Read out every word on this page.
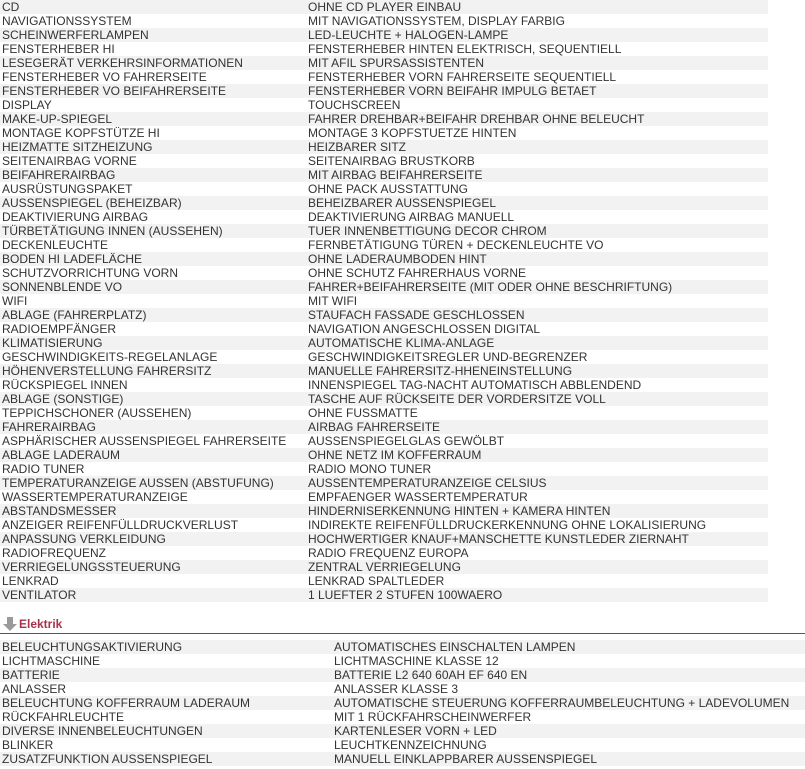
CD	OHNE CD PLAYER EINBAU
NAVIGATIONSSYSTEM	MIT NAVIGATIONSSYSTEM, DISPLAY FARBIG
SCHEINWERFERLAMPEN	LED-LEUCHTE + HALOGEN-LAMPE
FENSTERHEBER HI	FENSTERHEBER HINTEN ELEKTRISCH, SEQUENTIELL
LESEGERÄT VERKEHRSINFORMATIONEN	MIT AFIL SPURSASSISTENTEN
FENSTERHEBER VO FAHRERSEITE	FENSTERHEBER VORN FAHRERSEITE SEQUENTIELL
FENSTERHEBER VO BEIFAHRERSEITE	FENSTERHEBER VORN BEIFAHR IMPULG BETAET
DISPLAY	TOUCHSCREEN
MAKE-UP-SPIEGEL	FAHRER DREHBAR+BEIFAHR DREHBAR OHNE BELEUCHT
MONTAGE KOPFSTÜTZE HI	MONTAGE 3 KOPFSTUETZE HINTEN
HEIZMATTE SITZHEIZUNG	HEIZBARER SITZ
SEITENAIRBAG VORNE	SEITENAIRBAG BRUSTKORB
BEIFAHRERAIRBAG	MIT AIRBAG BEIFAHRERSEITE
AUSRÜSTUNGSPAKET	OHNE PACK AUSSTATTUNG
AUSSENSPIEGEL (BEHEIZBAR)	BEHEIZBARER AUSSENSPIEGEL
DEAKTIVIERUNG AIRBAG	DEAKTIVIERUNG AIRBAG MANUELL
TÜRBETÄTIGUNG INNEN (AUSSEHEN)	TUER INNENBETTIGUNG DECOR CHROM
DECKENLEUCHTE	FERNBETÄTIGUNG TÜREN + DECKENLEUCHTE VO
BODEN HI LADEFLÄCHE	OHNE LADERAUMBODEN HINT
SCHUTZVORRICHTUNG VORN	OHNE SCHUTZ FAHRERHAUS VORNE
SONNENBLENDE VO	FAHRER+BEIFAHRERSEITE (MIT ODER OHNE BESCHRIFTUNG)
WIFI	MIT WIFI
ABLAGE (FAHRERPLATZ)	STAUFACH FASSADE GESCHLOSSEN
RADIOEMPFÄNGER	NAVIGATION ANGESCHLOSSEN DIGITAL
KLIMATISIERUNG	AUTOMATISCHE KLIMA-ANLAGE
GESCHWINDIGKEITS-REGELANLAGE	GESCHWINDIGKEITSREGLER UND-BEGRENZER
HÖHENVERSTELLUNG FAHRERSITZ	MANUELLE FAHRERSITZ-HHENEINSTELLUNG
RÜCKSPIEGEL INNEN	INNENSPIEGEL TAG-NACHT AUTOMATISCH ABBLENDEND
ABLAGE (SONSTIGE)	TASCHE AUF RÜCKSEITE DER VORDERSITZE VOLL
TEPPICHSCHONER (AUSSEHEN)	OHNE FUSSMATTE
FAHRERAIRBAG	AIRBAG FAHRERSEITE
ASPHÄRISCHER AUSSENSPIEGEL FAHRERSEITE	AUSSENSPIEGELGLAS GEWÖLBT
ABLAGE LADERAUM	OHNE NETZ IM KOFFERRAUM
RADIO TUNER	RADIO MONO TUNER
TEMPERATURANZEIGE AUSSEN (ABSTUFUNG)	AUSSENTEMPERATURANZEIGE CELSIUS
WASSERTEMPERATURANZEIGE	EMPFAENGER WASSERTEMPERATUR
ABSTANDSMESSER	HINDERNISERKENNUNG HINTEN + KAMERA HINTEN
ANZEIGER REIFENFÜLLDRUCKVERLUST	INDIREKTE REIFENFÜLLDRUCKERKENNUNG OHNE LOKALISIERUNG
ANPASSUNG VERKLEIDUNG	HOCHWERTIGER KNAUF+MANSCHETTE KUNSTLEDER ZIERNAHT
RADIOFREQUENZ	RADIO FREQUENZ EUROPA
VERRIEGELUNGSSTEUERUNG	ZENTRAL VERRIEGELUNG
LENKRAD	LENKRAD SPALTLEDER
VENTILATOR	1 LUEFTER 2 STUFEN 100WAERO
Elektrik
BELEUCHTUNGSAKTIVIERUNG	AUTOMATISCHES EINSCHALTEN LAMPEN
LICHTMASCHINE	LICHTMASCHINE KLASSE 12
BATTERIE	BATTERIE L2 640 60AH EF 640 EN
ANLASSER	ANLASSER KLASSE 3
BELEUCHTUNG KOFFERRAUM LADERAUM	AUTOMATISCHE STEUERUNG KOFFERRAUMBELEUCHTUNG + LADEVOLUMEN
RÜCKFAHRLEUCHTE	MIT 1 RÜCKFAHRSCHEINWERFER
DIVERSE INNENBELEUCHTUNGEN	KARTENLESER VORN + LED
BLINKER	LEUCHTKENNZEICHNUNG
ZUSATZFUNKTION AUSSENSPIEGEL	MANUELL EINKLAPPBARER AUSSENSPIEGEL
